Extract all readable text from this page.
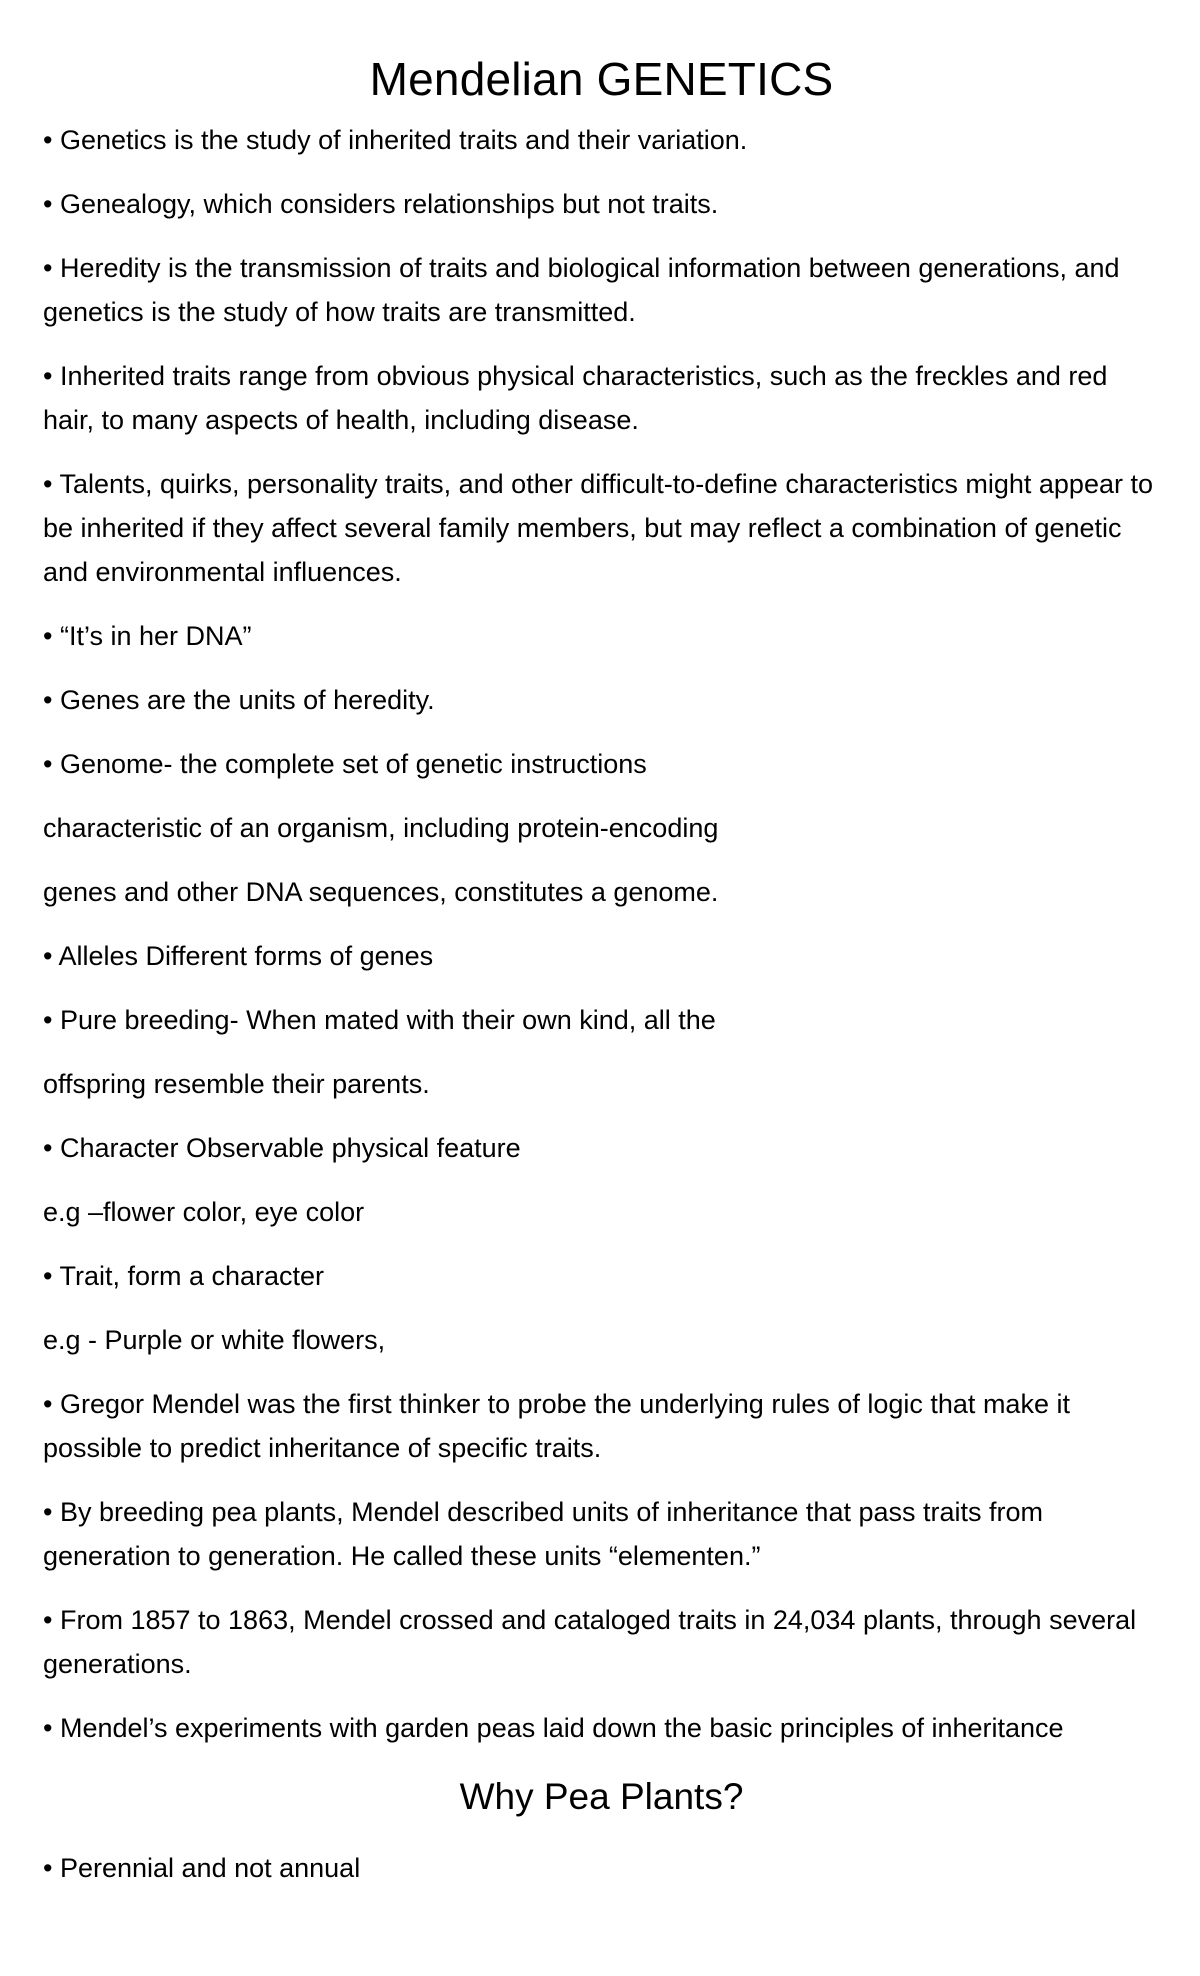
Mendelian GENETICS

• Genetics is the study of inherited traits and their variation.

• Genealogy, which considers relationships but not traits.

• Heredity is the transmission of traits and biological information between generations, and genetics is the study of how traits are transmitted.

• Inherited traits range from obvious physical characteristics, such as the freckles and red hair, to many aspects of health, including disease.

• Talents, quirks, personality traits, and other difficult-to-define characteristics might appear to be inherited if they affect several family members, but may reflect a combination of genetic and environmental influences.

• “It’s in her DNA”

• Genes are the units of heredity.

• Genome- the complete set of genetic instructions

characteristic of an organism, including protein-encoding

genes and other DNA sequences, constitutes a genome.

• Alleles Different forms of genes

• Pure breeding- When mated with their own kind, all the

offspring resemble their parents.

• Character Observable physical feature

e.g –flower color, eye color

• Trait, form a character

e.g - Purple or white flowers,

• Gregor Mendel was the first thinker to probe the underlying rules of logic that make it possible to predict inheritance of specific traits.

• By breeding pea plants, Mendel described units of inheritance that pass traits from generation to generation. He called these units “elementen.”

• From 1857 to 1863, Mendel crossed and cataloged traits in 24,034 plants, through several generations.

• Mendel’s experiments with garden peas laid down the basic principles of inheritance

Why Pea Plants?

• Perennial and not annual
